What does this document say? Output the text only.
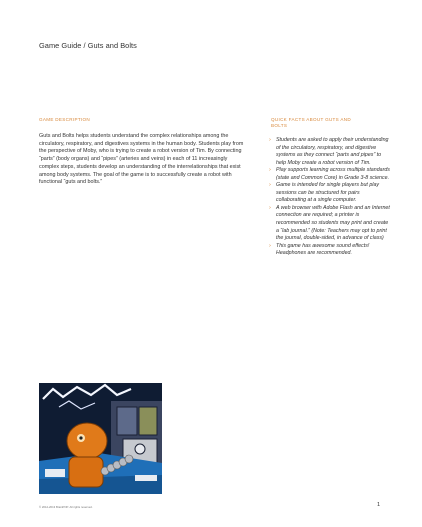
Game Guide / Guts and Bolts
GAME DESCRIPTION
Guts and Bolts helps students understand the complex relationships among the circulatory, respiratory, and digestives systems in the human body. Students play from the perspective of Moby, who is trying to create a robot version of Tim. By connecting “parts” (body organs) and “pipes” (arteries and veins) in each of 11 increasingly complex steps, students develop an understanding of the interrelationships that exist among body systems. The goal of the game is to successfully create a robot with functional “guts and bolts.”
QUICK FACTS ABOUT GUTS AND BOLTS
› Students are asked to apply their understanding of the circulatory, respiratory, and digestive systems as they connect “parts and pipes” to help Moby create a robot version of Tim.
› Play supports learning across multiple standards (state and Common Core) in Grade 3-8 science.
› Game is intended for single players but play sessions can be structured for pairs collaborating at a single computer.
› A web browser with Adobe Flash and an Internet connection are required; a printer is recommended so students may print and create a “lab journal.” (Note: Teachers may opt to print the journal, double-sided, in advance of class)
› This game has awesome sound effects! Headphones are recommended.
© 2012-2013 BrainPOP. All rights reserved.	1
